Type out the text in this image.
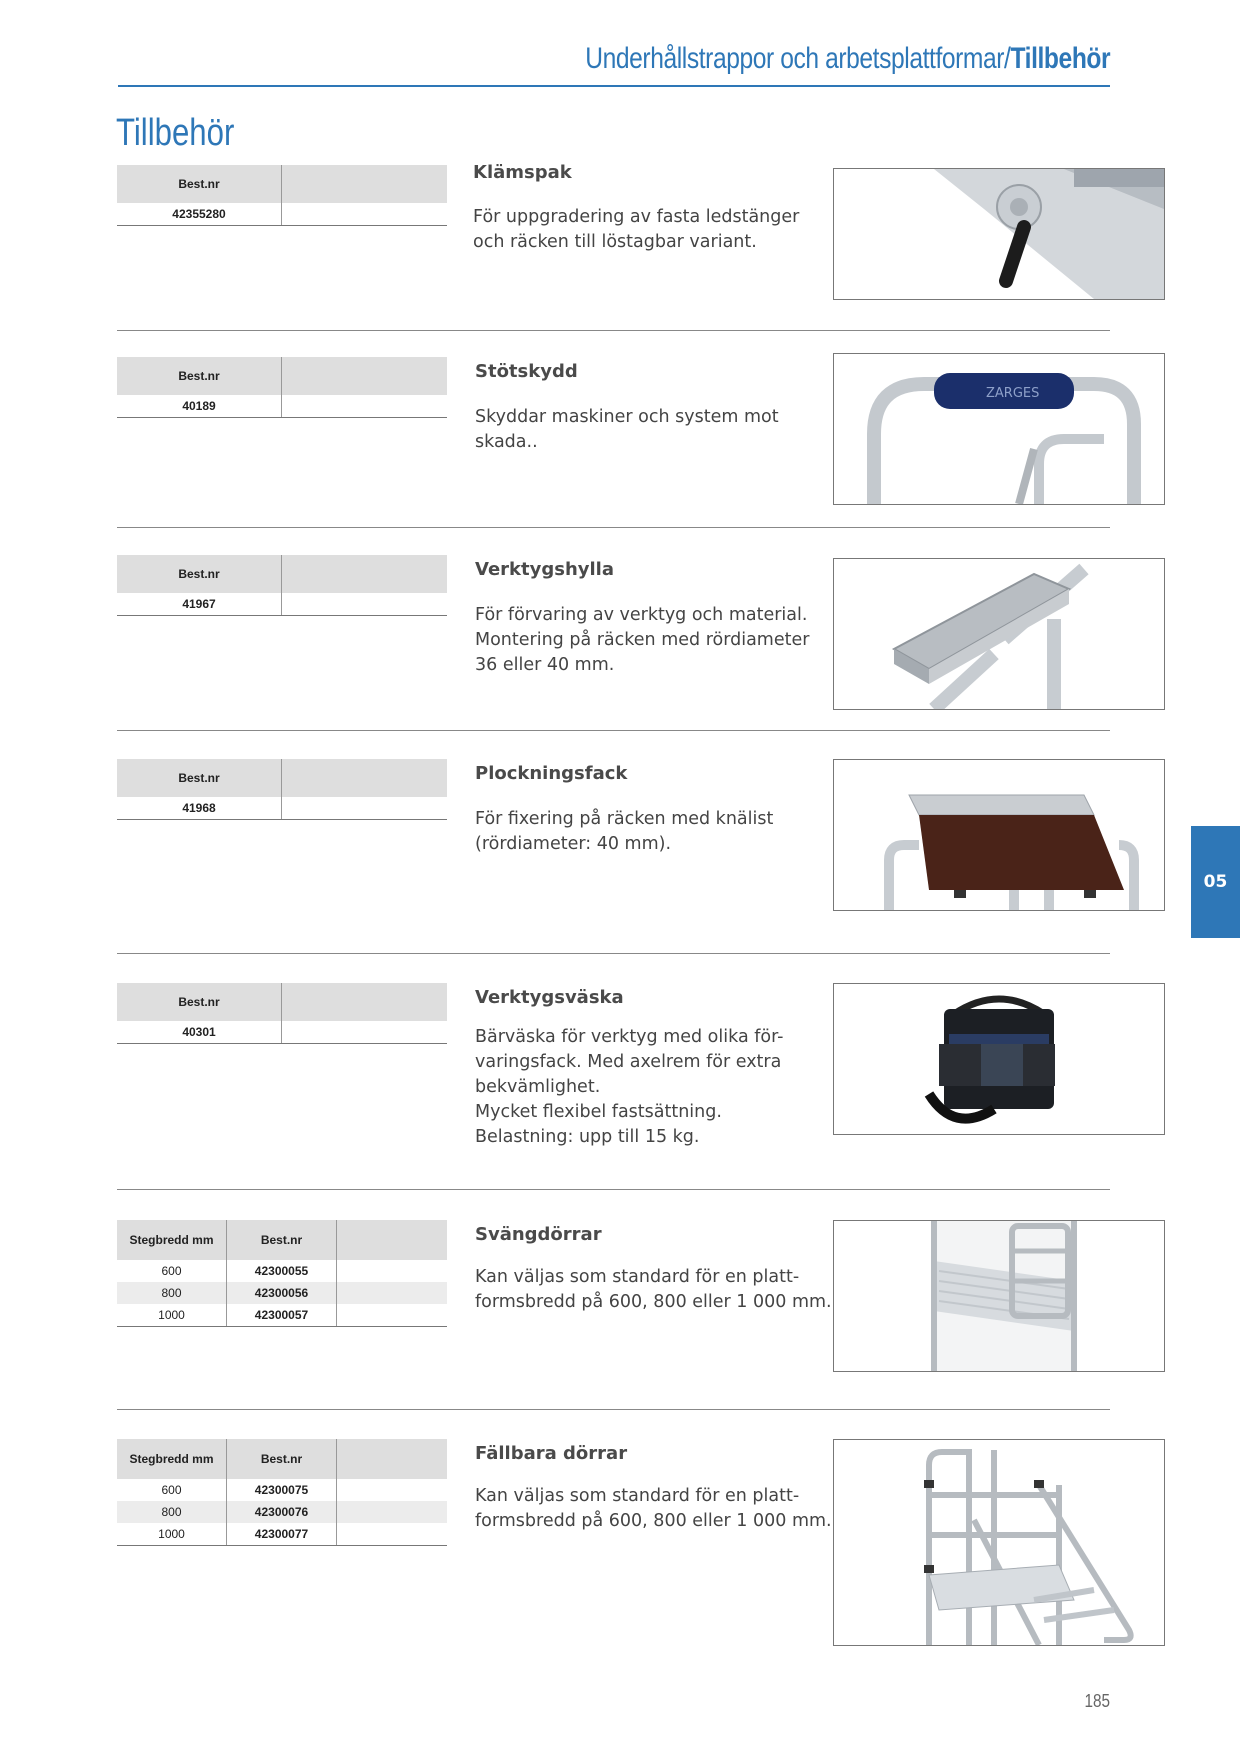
Underhållstrappor och arbetsplattformar/Tillbehör
Tillbehör
Best.nr	
42355280	
Klämspak
För uppgradering av fasta ledstänger
och räcken till löstagbar variant.
Best.nr	
40189	
Stötskydd
Skyddar maskiner och system mot
skada..
ZARGES
Best.nr	
41967	
Verktygshylla
För förvaring av verktyg och material.
Montering på räcken med rördiameter
36 eller 40 mm.
Best.nr	
41968	
Plockningsfack
För fixering på räcken med knälist
(rördiameter: 40 mm).
Best.nr	
40301	
Verktygsväska
Bärväska för verktyg med olika för-
varingsfack. Med axelrem för extra
bekvämlighet.
Mycket flexibel fastsättning.
Belastning: upp till 15 kg.
Stegbredd mm	Best.nr	
600	42300055	
800	42300056	
1000	42300057	
Svängdörrar
Kan väljas som standard för en platt-
formsbredd på 600, 800 eller 1 000 mm.
Stegbredd mm	Best.nr	
600	42300075	
800	42300076	
1000	42300077	
Fällbara dörrar
Kan väljas som standard för en platt-
formsbredd på 600, 800 eller 1 000 mm.
05
185
